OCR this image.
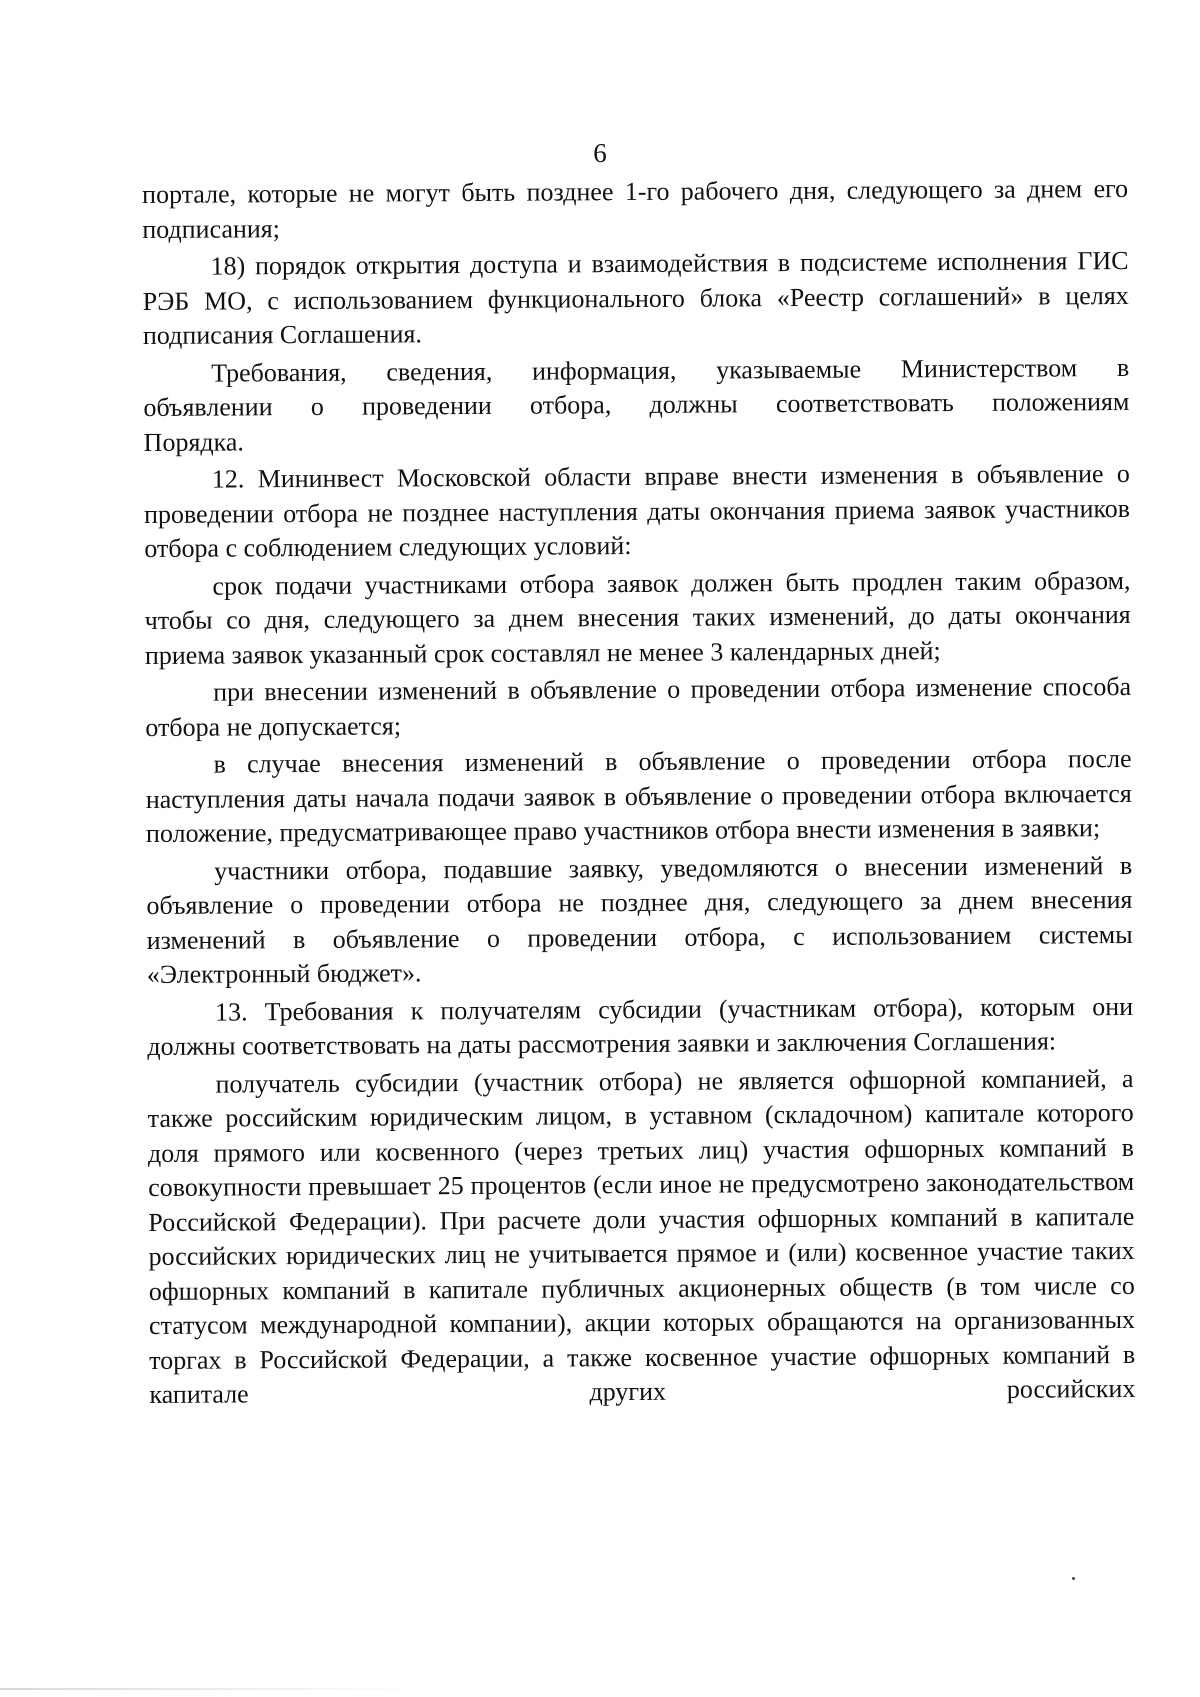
6

порталe, которые не могут быть позднее 1-го рабочего дня, следующего за днем его подписания;

18) порядок открытия доступа и взаимодействия в подсистеме исполнения ГИС РЭБ МО, с использованием функционального блока «Реестр соглашений» в целях подписания Соглашения.

Требования, сведения, информация, указываемые Министерством в объявлении о проведении отбора, должны соответствовать положениям Порядка.

12. Мининвест Московской области вправе внести изменения в объявление о проведении отбора не позднее наступления даты окончания приема заявок участников отбора с соблюдением следующих условий:

срок подачи участниками отбора заявок должен быть продлен таким образом, чтобы со дня, следующего за днем внесения таких изменений, до даты окончания приема заявок указанный срок составлял не менее 3 календарных дней;

при внесении изменений в объявление о проведении отбора изменение способа отбора не допускается;

в случае внесения изменений в объявление о проведении отбора после наступления даты начала подачи заявок в объявление о проведении отбора включается положение, предусматривающее право участников отбора внести изменения в заявки;

участники отбора, подавшие заявку, уведомляются о внесении изменений в объявление о проведении отбора не позднее дня, следующего за днем внесения изменений в объявление о проведении отбора, с использованием системы «Электронный бюджет».

13. Требования к получателям субсидии (участникам отбора), которым они должны соответствовать на даты рассмотрения заявки и заключения Соглашения:

получатель субсидии (участник отбора) не является офшорной компанией, а также российским юридическим лицом, в уставном (складочном) капитале которого доля прямого или косвенного (через третьих лиц) участия офшорных компаний в совокупности превышает 25 процентов (если иное не предусмотрено законодательством Российской Федерации). При расчете доли участия офшорных компаний в капитале российских юридических лиц не учитывается прямое и (или) косвенное участие таких офшорных компаний в капитале публичных акционерных обществ (в том числе со статусом международной компании), акции которых обращаются на организованных торгах в Российской Федерации, а также косвенное участие офшорных компаний в капитале других российских
